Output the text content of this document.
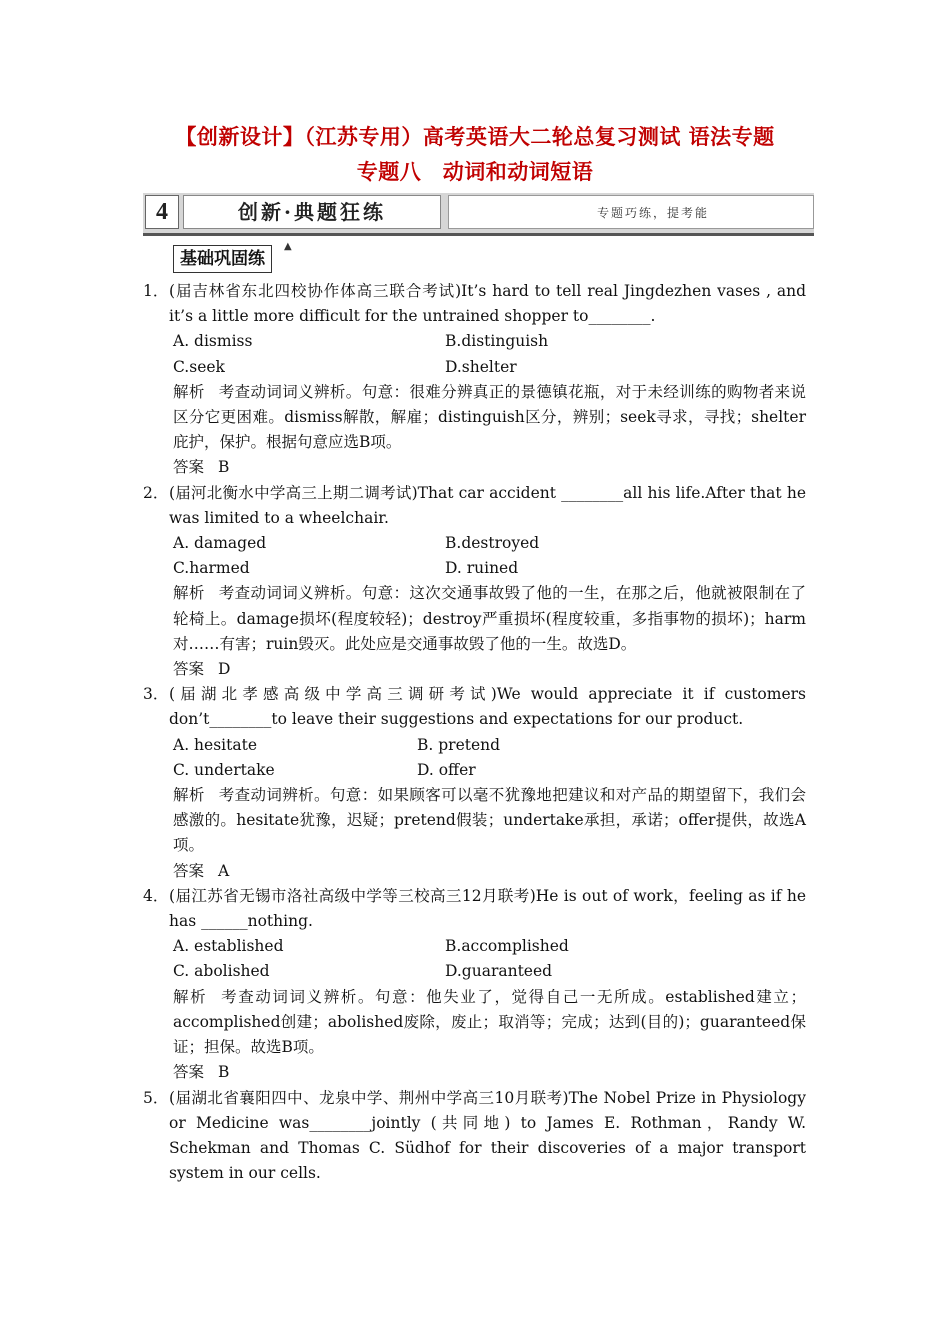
【创新设计】（江苏专用）高考英语大二轮总复习测试 语法专题
专题八　动词和动词短语
4	创新·典题狂练	专题巧练，提考能
基础巩固练
▲
1． (届吉林省东北四校协作体高三联合考试)It’s hard to tell real Jingdezhen vases , and it’s a little more difficult for the untrained shopper to________.
A. dismiss	B.distinguish
C.seek	D.shelter
解析 考查动词词义辨析。句意：很难分辨真正的景德镇花瓶，对于未经训练的购物者来说区分它更困难。dismiss解散，解雇；distinguish区分，辨别；seek寻求，寻找；shelter庇护，保护。根据句意应选B项。
答案 B
2． (届河北衡水中学高三上期二调考试)That car accident ________all his life.After that he was limited to a wheelchair.
A. damaged	B.destroyed
C.harmed	D. ruined
解析 考查动词词义辨析。句意：这次交通事故毁了他的一生，在那之后，他就被限制在了轮椅上。damage损坏(程度较轻)；destroy严重损坏(程度较重，多指事物的损坏)；harm对……有害；ruin毁灭。此处应是交通事故毁了他的一生。故选D。
答案 D
3． (届湖北孝感高级中学高三调研考试)We would appreciate it if customers don’t________to leave their suggestions and expectations for our product.
A. hesitate	B. pretend
C. undertake	D. offer
解析 考查动词辨析。句意：如果顾客可以毫不犹豫地把建议和对产品的期望留下，我们会感激的。hesitate犹豫，迟疑；pretend假装；undertake承担，承诺；offer提供，故选A项。
答案 A
4． (届江苏省无锡市洛社高级中学等三校高三12月联考)He is out of work，feeling as if he has ______nothing.
A. established	B.accomplished
C. abolished	D.guaranteed
解析 考查动词词义辨析。句意：他失业了，觉得自己一无所成。established建立；accomplished创建；abolished废除，废止；取消等；完成；达到(目的)；guaranteed保证；担保。故选B项。
答案 B
5． (届湖北省襄阳四中、龙泉中学、荆州中学高三10月联考)The Nobel Prize in Physiology or Medicine was________jointly (共同地) to James E. Rothman，Randy W. Schekman and Thomas C. Südhof for their discoveries of a major transport system in our cells.
